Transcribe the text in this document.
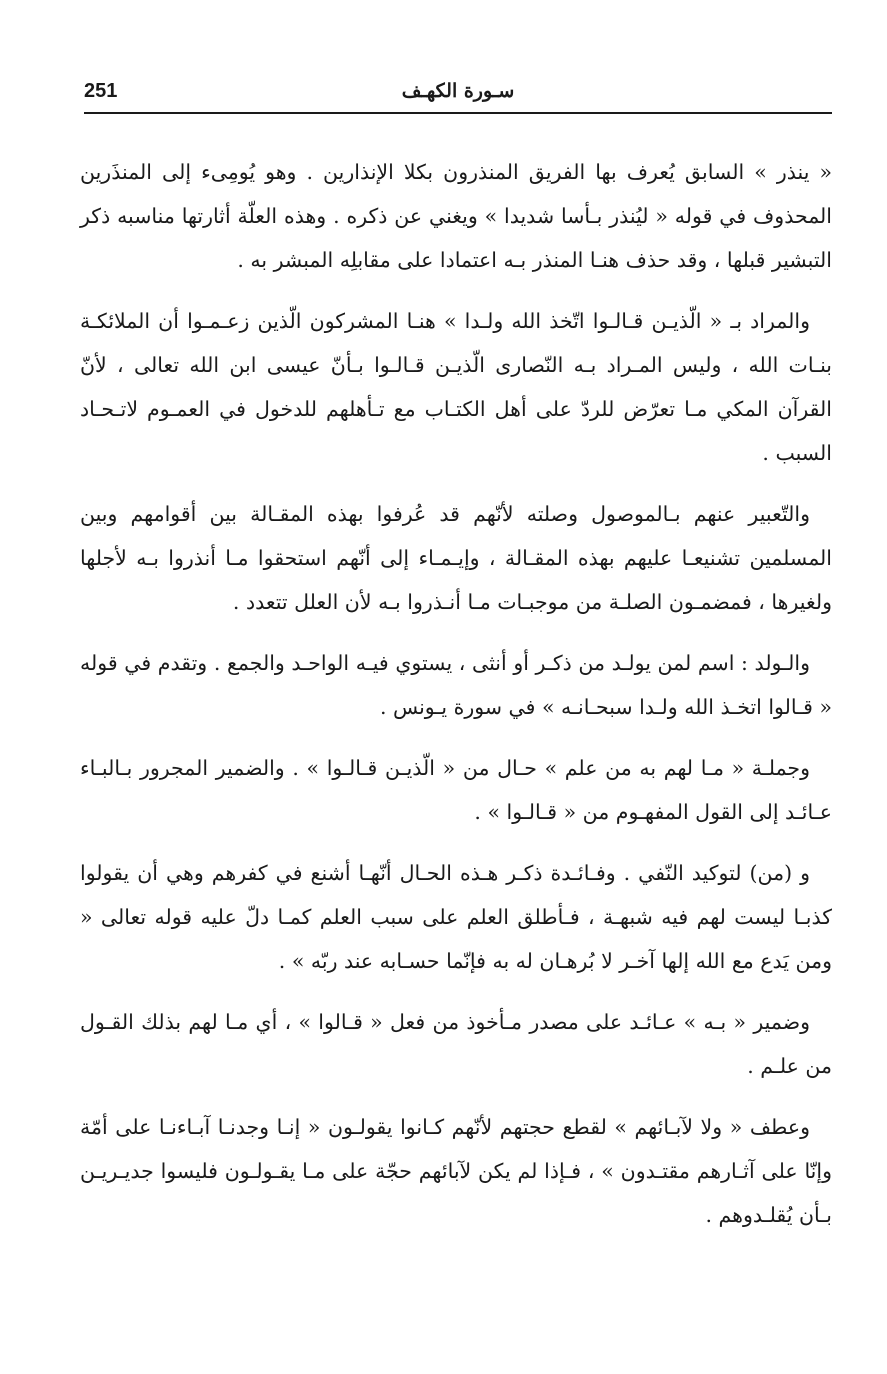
251	سـورة الكهـف

« ينذر » السابق يُعرف بها الفريق المنذرون بكلا الإنذارين . وهو يُومِىء إلى المنذَرين المحذوف في قوله « ليُنذر بـأسا شديدا » ويغني عن ذكره . وهذه العلّة أثارتها مناسبه ذكر التبشير قبلها ، وقد حذف هنـا المنذر بـه اعتمادا على مقابلِه المبشر به .

والمراد بـ « الّذيـن قـالـوا اتّخذ الله ولـدا » هنـا المشركون الّذين زعـمـوا أن الملائكـة بنـات الله ، وليس المـراد بـه النّصارى الّذيـن قـالـوا بـأنّ عيسى ابن الله تعالى ، لأنّ القرآن المكي مـا تعرّض للردّ على أهل الكتـاب مع تـأهلهم للدخول في العمـوم لاتـحـاد السبب .

والتّعبير عنهم بـالموصول وصلته لأنّهم قد عُرفوا بهذه المقـالة بين أقوامهم وبين المسلمين تشنيعـا عليهم بهذه المقـالة ، وإيـمـاء إلى أنّهم استحقوا مـا أنذروا بـه لأجلها ولغيرها ، فمضمـون الصلـة من موجبـات مـا أنـذروا بـه لأن العلل تتعدد .

والـولد : اسم لمن يولـد من ذكـر أو أنثى ، يستوي فيـه الواحـد والجمع . وتقدم في قوله « قـالوا اتخـذ الله ولـدا سبحـانـه » في سورة يـونس .

وجملـة « مـا لهم به من علم » حـال من « الّذيـن قـالـوا » . والضمير المجرور بـالبـاء عـائـد إلى القول المفهـوم من « قـالـوا » .

و (من) لتوكيد النّفي . وفـائـدة ذكـر هـذه الحـال أنّهـا أشنع في كفرهم وهي أن يقولوا كذبـا ليست لهم فيه شبهـة ، فـأطلق العلم على سبب العلم كمـا دلّ عليه قوله تعالى « ومن يَدع مع الله إلها آخـر لا بُرهـان له به فإنّما حسـابه عند ربّه » .

وضمير « بـه » عـائـد على مصدر مـأخوذ من فعل « قـالوا » ، أي مـا لهم بذلك القـول من علـم .

وعطف « ولا لآبـائهم » لقطع حجتهم لأنّهم كـانوا يقولـون « إنـا وجدنـا آبـاءنـا على أمّة وإنّا على آثـارهم مقتـدون » ، فـإذا لم يكن لآبائهم حجّة على مـا يقـولـون فليسوا جديـريـن بـأن يُقلـدوهم .
